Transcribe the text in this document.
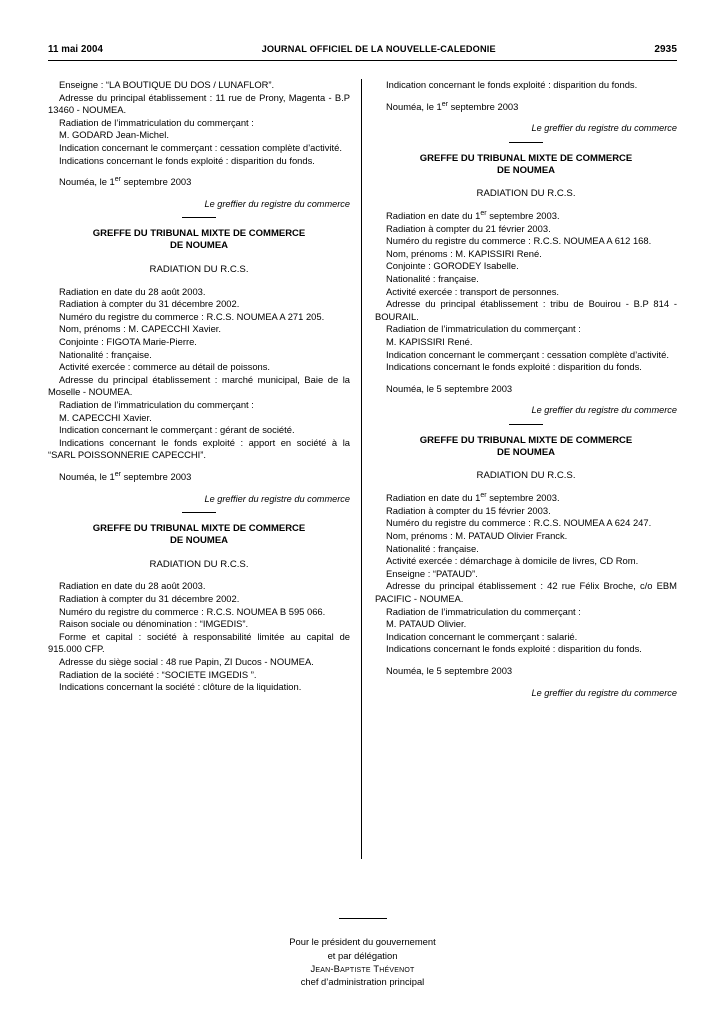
11 mai 2004	JOURNAL OFFICIEL DE LA NOUVELLE-CALEDONIE	2935

Enseigne : “LA BOUTIQUE DU DOS / LUNAFLOR”.

Adresse du principal établissement : 11 rue de Prony, Magenta - B.P 13460 - NOUMEA.

Radiation de l’immatriculation du commerçant :

M. GODARD Jean-Michel.

Indication concernant le commerçant : cessation complète d’activité.

Indications concernant le fonds exploité : disparition du fonds.

Nouméa, le 1er septembre 2003

Le greffier du registre du commerce

GREFFE DU TRIBUNAL MIXTE DE COMMERCE
DE NOUMEA
RADIATION DU R.C.S.

Radiation en date du 28 août 2003.

Radiation à compter du 31 décembre 2002.

Numéro du registre du commerce : R.C.S. NOUMEA A 271 205.

Nom, prénoms : M. CAPECCHI Xavier.

Conjointe : FIGOTA Marie-Pierre.

Nationalité : française.

Activité exercée : commerce au détail de poissons.

Adresse du principal établissement : marché municipal, Baie de la Moselle - NOUMEA.

Radiation de l’immatriculation du commerçant :

M. CAPECCHI Xavier.

Indication concernant le commerçant : gérant de société.

Indications concernant le fonds exploité : apport en société à la “SARL POISSONNERIE CAPECCHI”.

Nouméa, le 1er septembre 2003

Le greffier du registre du commerce

GREFFE DU TRIBUNAL MIXTE DE COMMERCE
DE NOUMEA
RADIATION DU R.C.S.

Radiation en date du 28 août 2003.

Radiation à compter du 31 décembre 2002.

Numéro du registre du commerce : R.C.S. NOUMEA B 595 066.

Raison sociale ou dénomination : “IMGEDIS”.

Forme et capital : société à responsabilité limitée au capital de 915.000 CFP.

Adresse du siège social : 48 rue Papin, ZI Ducos - NOUMEA.

Radiation de la société : “SOCIETE IMGEDIS ”.

Indications concernant la société : clôture de la liquidation.

Indication concernant le fonds exploité : disparition du fonds.

Nouméa, le 1er septembre 2003

Le greffier du registre du commerce

GREFFE DU TRIBUNAL MIXTE DE COMMERCE
DE NOUMEA
RADIATION DU R.C.S.

Radiation en date du 1er septembre 2003.

Radiation à compter du 21 février 2003.

Numéro du registre du commerce : R.C.S. NOUMEA A 612 168.

Nom, prénoms : M. KAPISSIRI René.

Conjointe : GORODEY Isabelle.

Nationalité : française.

Activité exercée : transport de personnes.

Adresse du principal établissement : tribu de Bouirou - B.P 814 - BOURAIL.

Radiation de l’immatriculation du commerçant :

M. KAPISSIRI René.

Indication concernant le commerçant : cessation complète d’activité.

Indications concernant le fonds exploité : disparition du fonds.

Nouméa, le 5 septembre 2003

Le greffier du registre du commerce

GREFFE DU TRIBUNAL MIXTE DE COMMERCE
DE NOUMEA
RADIATION DU R.C.S.

Radiation en date du 1er septembre 2003.

Radiation à compter du 15 février 2003.

Numéro du registre du commerce : R.C.S. NOUMEA A 624 247.

Nom, prénoms : M. PATAUD Olivier Franck.

Nationalité : française.

Activité exercée : démarchage à domicile de livres, CD Rom.

Enseigne : “PATAUD”.

Adresse du principal établissement : 42 rue Félix Broche, c/o EBM PACIFIC - NOUMEA.

Radiation de l’immatriculation du commerçant :

M. PATAUD Olivier.

Indication concernant le commerçant : salarié.

Indications concernant le fonds exploité : disparition du fonds.

Nouméa, le 5 septembre 2003

Le greffier du registre du commerce

Pour le président du gouvernement
et par délégation
Jean-Baptiste Thévenot
chef d’administration principal
